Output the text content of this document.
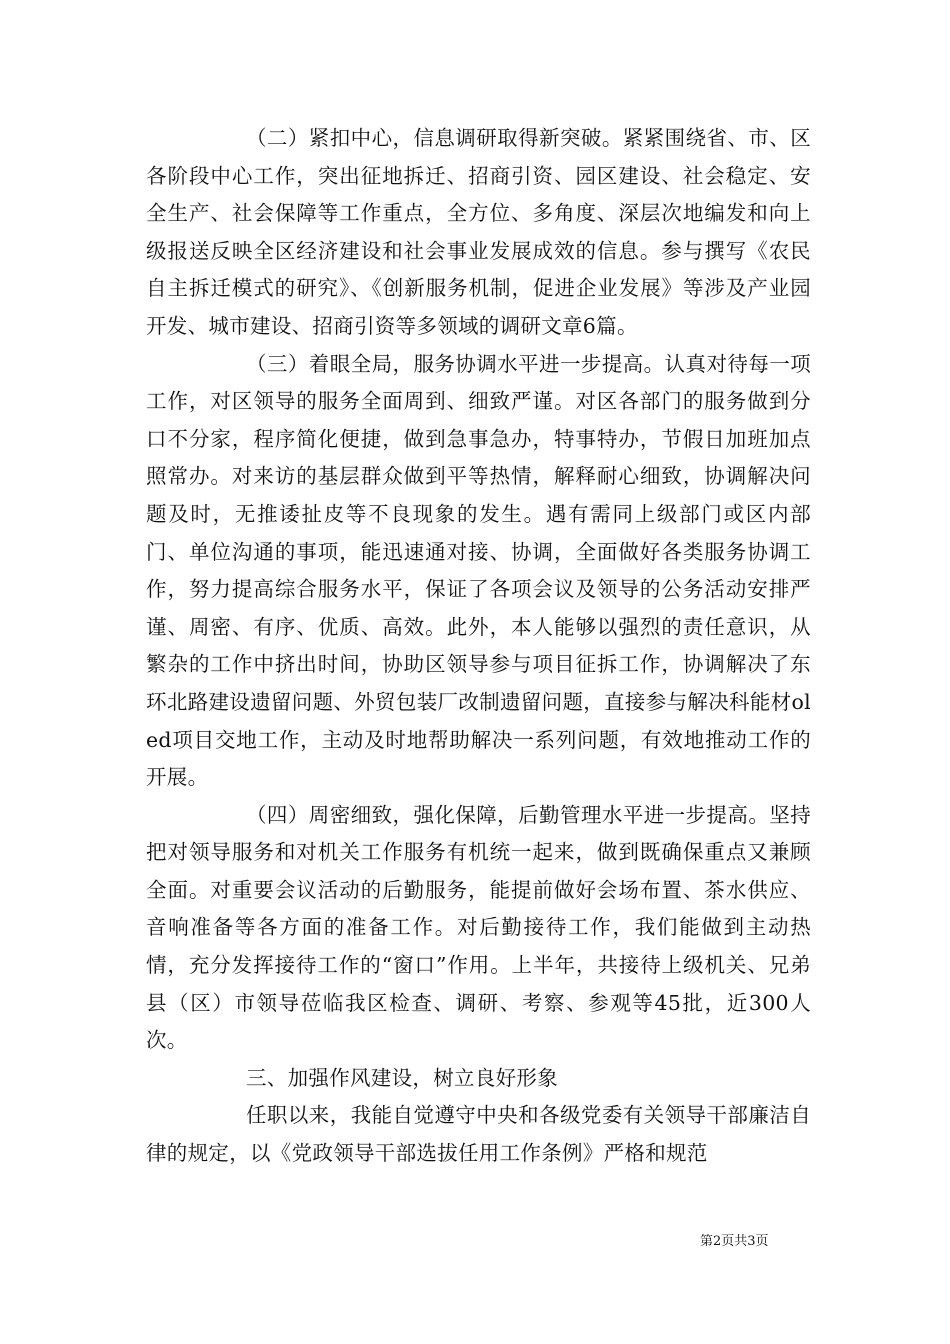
（二）紧扣中心，信息调研取得新突破。紧紧围绕省、市、区各阶段中心工作，突出征地拆迁、招商引资、园区建设、社会稳定、安全生产、社会保障等工作重点，全方位、多角度、深层次地编发和向上级报送反映全区经济建设和社会事业发展成效的信息。参与撰写《农民自主拆迁模式的研究》、《创新服务机制，促进企业发展》等涉及产业园开发、城市建设、招商引资等多领域的调研文章6篇。

（三）着眼全局，服务协调水平进一步提高。认真对待每一项工作，对区领导的服务全面周到、细致严谨。对区各部门的服务做到分口不分家，程序简化便捷，做到急事急办，特事特办，节假日加班加点照常办。对来访的基层群众做到平等热情，解释耐心细致，协调解决问题及时，无推诿扯皮等不良现象的发生。遇有需同上级部门或区内部门、单位沟通的事项，能迅速通对接、协调，全面做好各类服务协调工作，努力提高综合服务水平，保证了各项会议及领导的公务活动安排严谨、周密、有序、优质、高效。此外，本人能够以强烈的责任意识，从繁杂的工作中挤出时间，协助区领导参与项目征拆工作，协调解决了东环北路建设遗留问题、外贸包装厂改制遗留问题，直接参与解决科能材oled项目交地工作，主动及时地帮助解决一系列问题，有效地推动工作的开展。

（四）周密细致，强化保障，后勤管理水平进一步提高。坚持把对领导服务和对机关工作服务有机统一起来，做到既确保重点又兼顾全面。对重要会议活动的后勤服务，能提前做好会场布置、茶水供应、音响准备等各方面的准备工作。对后勤接待工作，我们能做到主动热情，充分发挥接待工作的“窗口”作用。上半年，共接待上级机关、兄弟县（区）市领导莅临我区检查、调研、考察、参观等45批，近300人次。

三、加强作风建设，树立良好形象

任职以来，我能自觉遵守中央和各级党委有关领导干部廉洁自律的规定，以《党政领导干部选拔任用工作条例》严格和规范

第2页共3页
